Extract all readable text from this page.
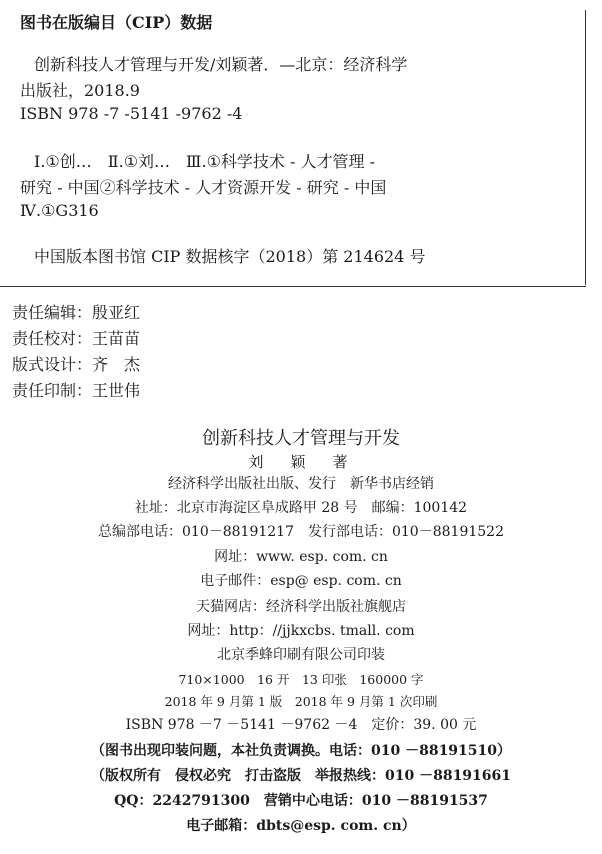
图书在版编目（CIP）数据
创新科技人才管理与开发/刘颖著．—北京：经济科学
出版社，2018.9
ISBN 978 -7 -5141 -9762 -4
Ⅰ.①创…　Ⅱ.①刘…　Ⅲ.①科学技术 - 人才管理 -
研究 - 中国②科学技术 - 人才资源开发 - 研究 - 中国
Ⅳ.①G316
中国版本图书馆 CIP 数据核字（2018）第 214624 号
责任编辑：殷亚红
责任校对：王苗苗
版式设计：齐　杰
责任印制：王世伟
创新科技人才管理与开发
刘　颖　著
经济科学出版社出版、发行　新华书店经销
社址：北京市海淀区阜成路甲 28 号　邮编：100142
总编部电话：010－88191217　发行部电话：010－88191522
网址：www. esp. com. cn
电子邮件：esp@ esp. com. cn
天猫网店：经济科学出版社旗舰店
网址：http：//jjkxcbs. tmall. com
北京季蜂印刷有限公司印装
710×1000　16 开　13 印张　160000 字
2018 年 9 月第 1 版　2018 年 9 月第 1 次印刷
ISBN 978 －7 －5141 －9762 －4　定价：39. 00 元
（图书出现印装问题，本社负责调换。电话：010 －88191510）
（版权所有　侵权必究　打击盗版　举报热线：010 －88191661
QQ：2242791300　营销中心电话：010 －88191537
电子邮箱：dbts@esp. com. cn）
